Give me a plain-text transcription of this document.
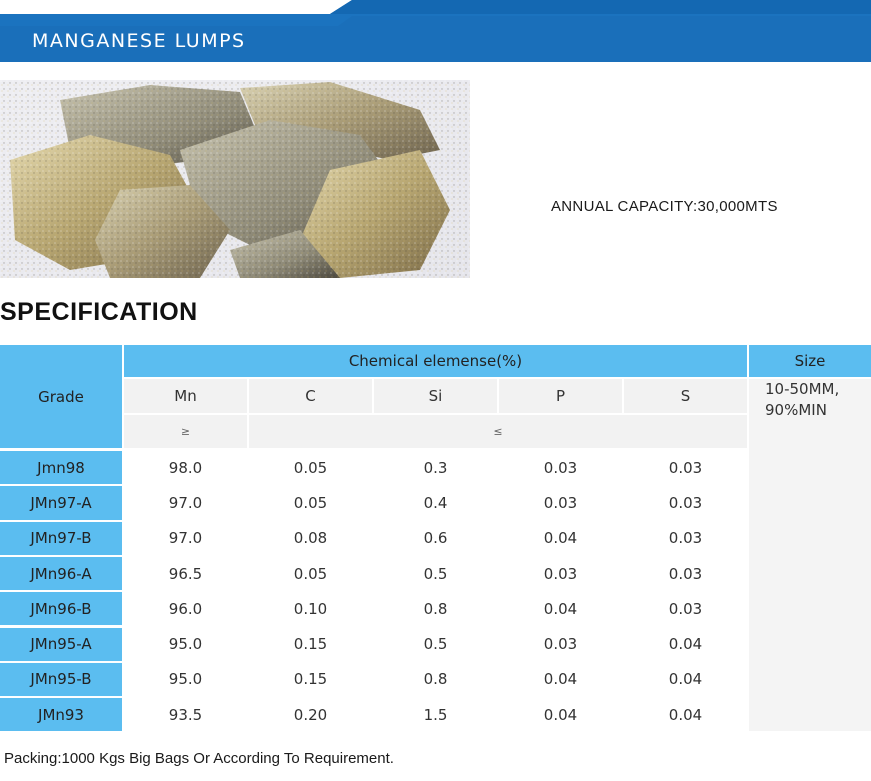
MANGANESE LUMPS
ANNUAL CAPACITY:30,000MTS
SPECIFICATION
Grade
Chemical elemense(%)	Size
Mn	C	Si	P	S
≥	≤
10-50MM,
90%MIN
Jmn98	98.0	0.05	0.3	0.03	0.03
JMn97-A	97.0	0.05	0.4	0.03	0.03
JMn97-B	97.0	0.08	0.6	0.04	0.03
JMn96-A	96.5	0.05	0.5	0.03	0.03
JMn96-B	96.0	0.10	0.8	0.04	0.03
JMn95-A	95.0	0.15	0.5	0.03	0.04
JMn95-B	95.0	0.15	0.8	0.04	0.04
JMn93	93.5	0.20	1.5	0.04	0.04
Packing:1000 Kgs Big Bags Or According To Requirement.
